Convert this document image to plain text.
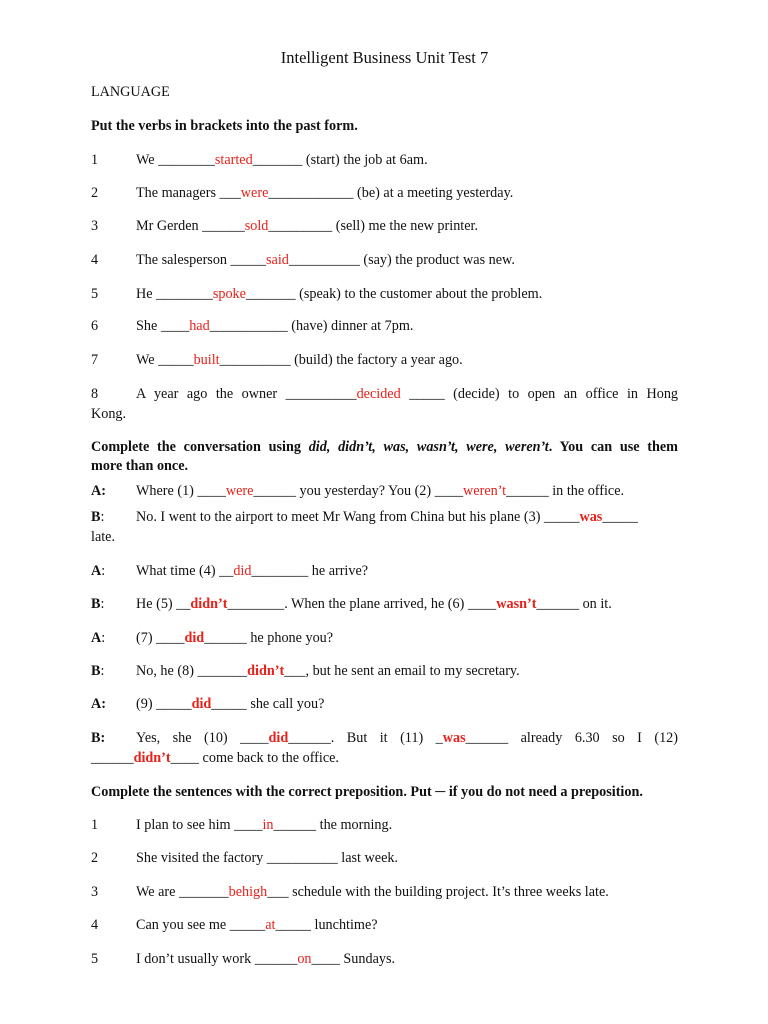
Intelligent Business Unit Test 7
LANGUAGE
Put the verbs in brackets into the past form.
1	We ________started_______ (start) the job at 6am.
2	The managers ___were____________ (be) at a meeting yesterday.
3	Mr Gerden ______sold_________ (sell) me the new printer.
4	The salesperson _____said__________ (say) the product was new.
5	He ________spoke_______ (speak) to the customer about the problem.
6	She ____had___________ (have) dinner at 7pm.
7	We _____built__________ (build) the factory a year ago.
8	A year ago the owner __________decided _____ (decide) to open an office in Hong
Kong.
Complete the conversation using did, didn’t, was, wasn’t, were, weren’t. You can use them
more than once.
A: Where (1) ____were______ you yesterday? You (2) ____weren’t______ in the office.
B: No. I went to the airport to meet Mr Wang from China but his plane (3) _____was_____
late.
A: What time (4) __did________ he arrive?
B: He (5) __didn’t________. When the plane arrived, he (6) ____wasn’t______ on it.
A: (7) ____did______ he phone you?
B: No, he (8) _______didn’t___, but he sent an email to my secretary.
A: (9) _____did_____ she call you?
B: Yes, she (10) ____did______. But it (11) _was______ already 6.30 so I (12)
______didn’t____ come back to the office.
Complete the sentences with the correct preposition. Put ─ if you do not need a preposition.
1	I plan to see him ____in______ the morning.
2	She visited the factory __________ last week.
3	We are _______behigh___ schedule with the building project. It’s three weeks late.
4	Can you see me _____at_____ lunchtime?
5	I don’t usually work ______on____ Sundays.
